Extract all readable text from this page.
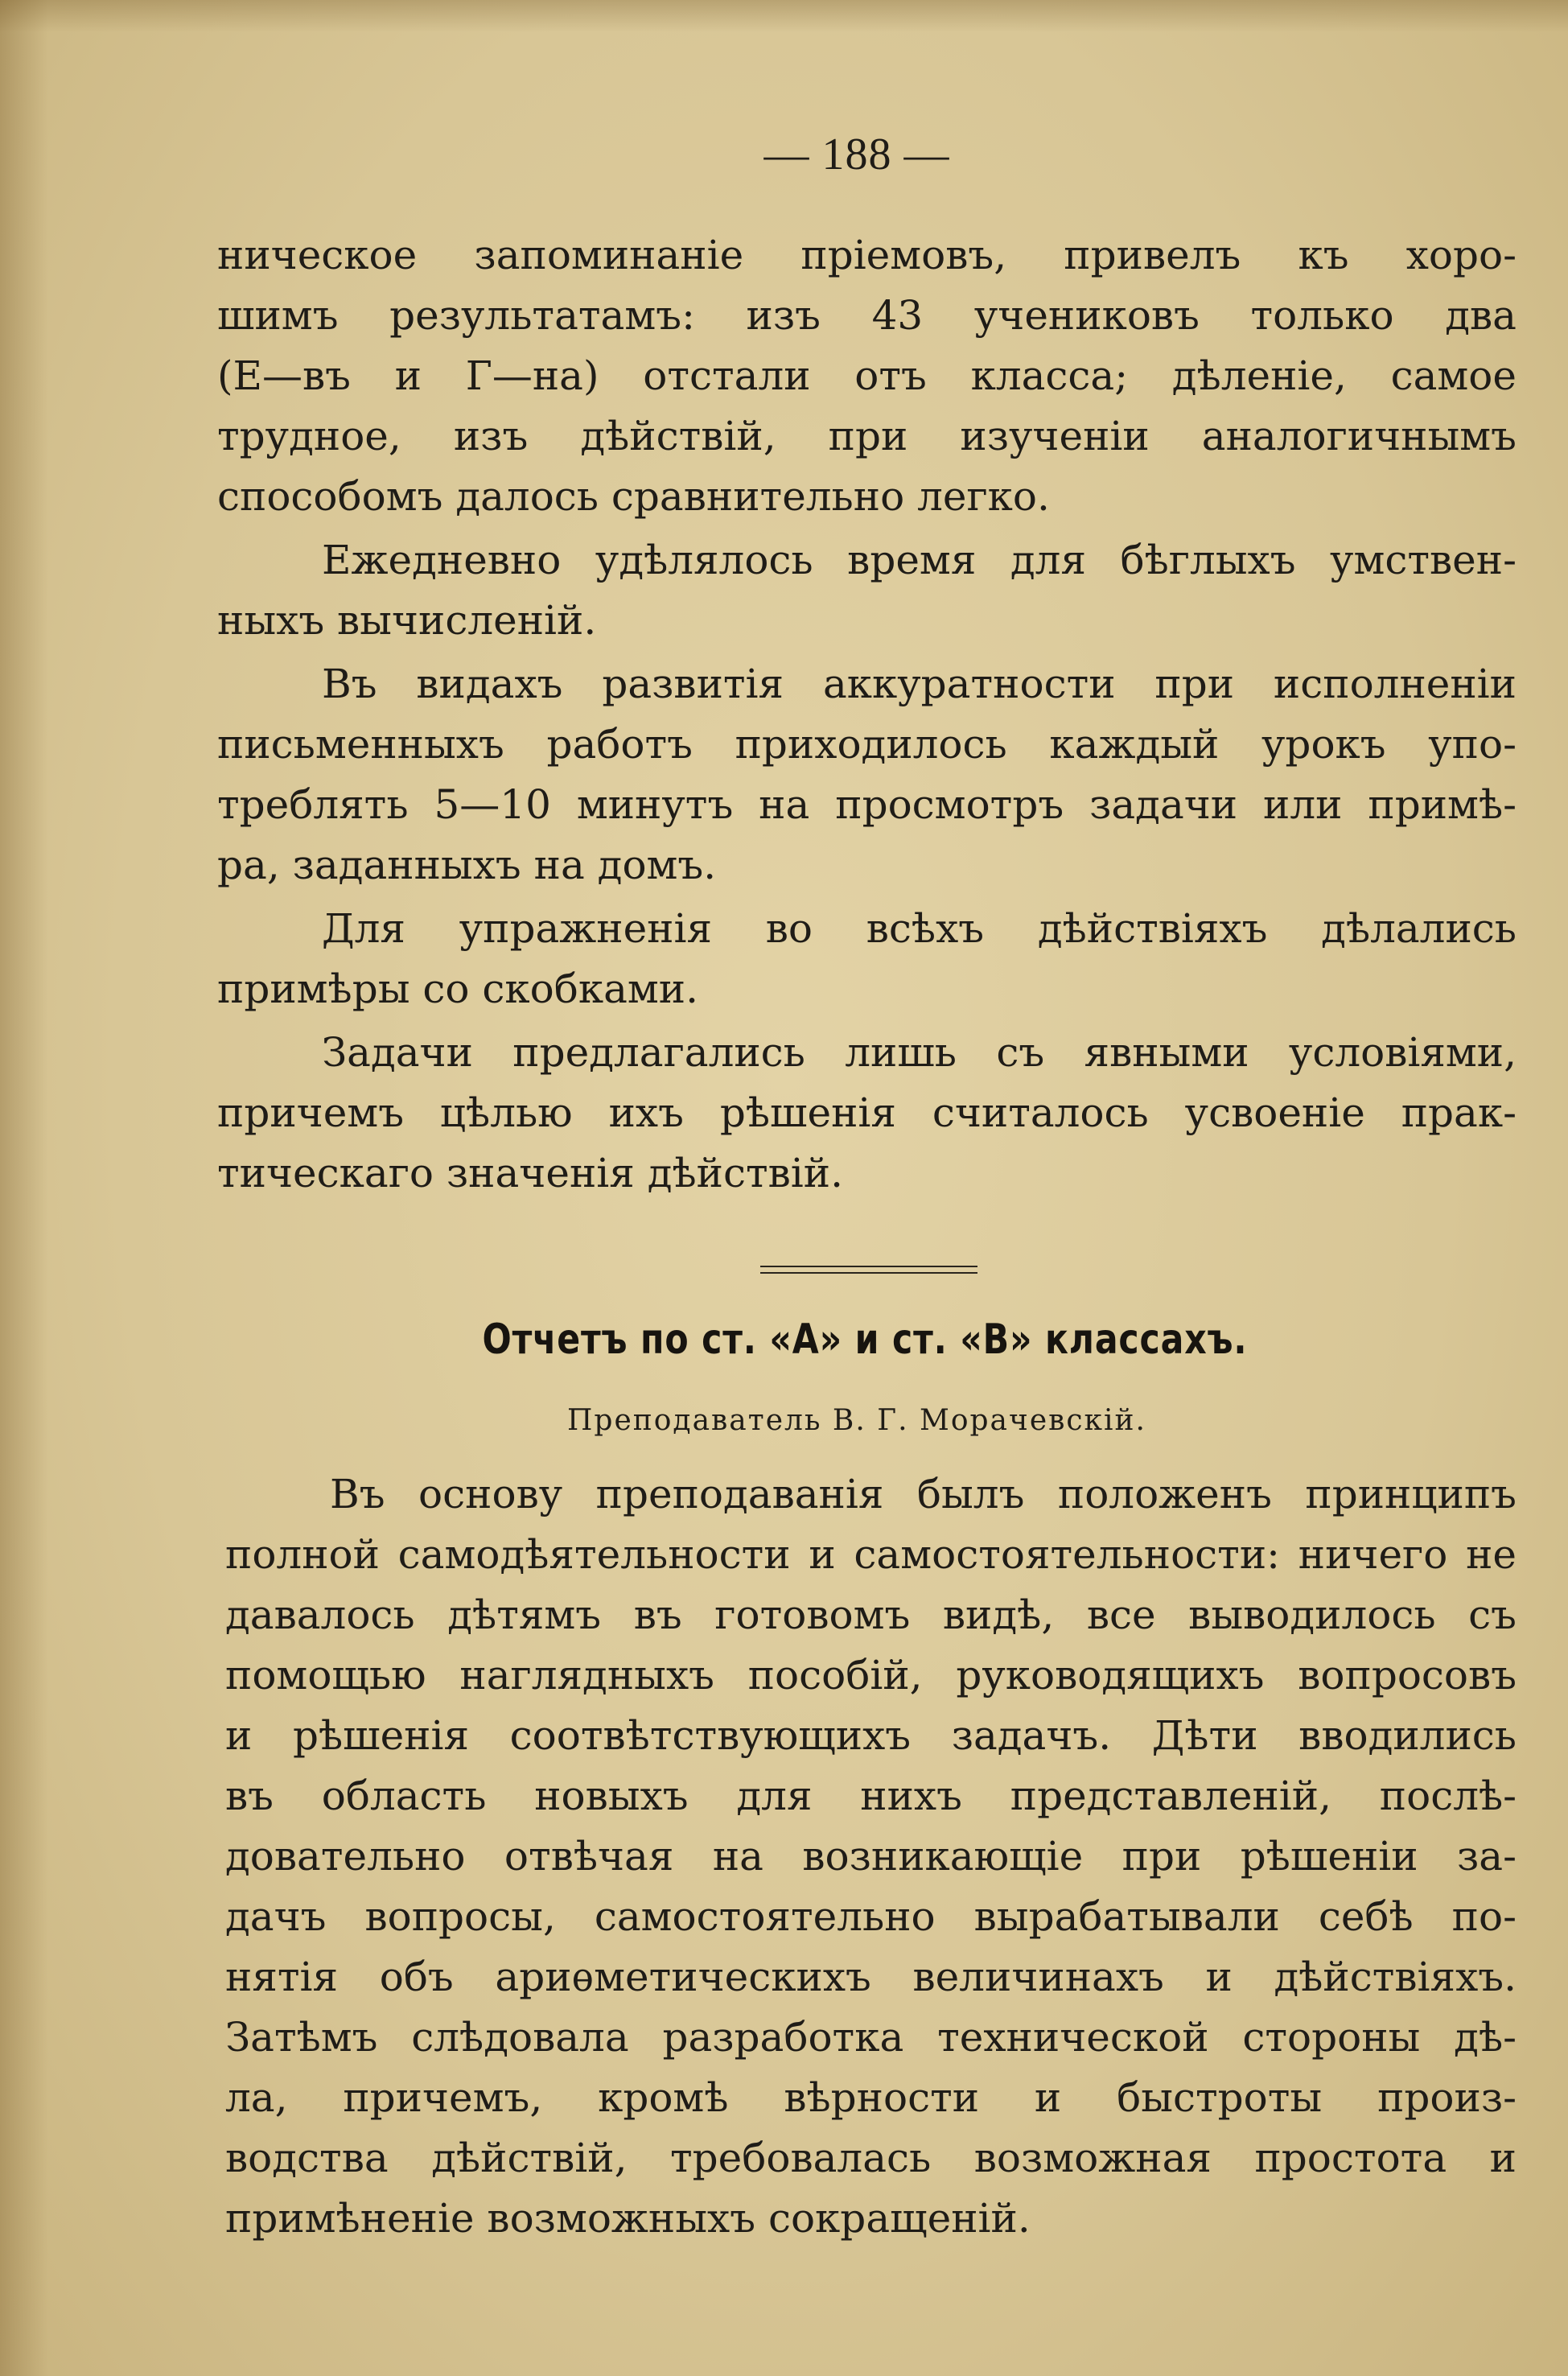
— 188 —
ническое запоминаніе пріемовъ, привелъ къ хоро-
шимъ результатамъ: изъ 43 учениковъ только два
(Е—въ и Г—на) отстали отъ класса; дѣленіе, самое
трудное, изъ дѣйствій, при изученіи аналогичнымъ
способомъ далось сравнительно легко.
Ежедневно удѣлялось время для бѣглыхъ умствен-
ныхъ вычисленій.
Въ видахъ развитія аккуратности при исполненіи
письменныхъ работъ приходилось каждый урокъ упо-
треблять 5—10 минутъ на просмотръ задачи или примѣ-
ра, заданныхъ на домъ.
Для упражненія во всѣхъ дѣйствіяхъ дѣлались
примѣры со скобками.
Задачи предлагались лишь съ явными условіями,
причемъ цѣлью ихъ рѣшенія считалось усвоеніе прак-
тическаго значенія дѣйствій.
Отчетъ по ст. «А» и ст. «В» классахъ.
Преподаватель В. Г. Морачевскій.
Въ основу преподаванія былъ положенъ принципъ
полной самодѣятельности и самостоятельности: ничего не
давалось дѣтямъ въ готовомъ видѣ, все выводилось съ
помощью наглядныхъ пособій, руководящихъ вопросовъ
и рѣшенія соотвѣтствующихъ задачъ. Дѣти вводились
въ область новыхъ для нихъ представленій, послѣ-
довательно отвѣчая на возникающіе при рѣшеніи за-
дачъ вопросы, самостоятельно вырабатывали себѣ по-
нятія объ ариѳметическихъ величинахъ и дѣйствіяхъ.
Затѣмъ слѣдовала разработка технической стороны дѣ-
ла, причемъ, кромѣ вѣрности и быстроты произ-
водства дѣйствій, требовалась возможная простота и
примѣненіе возможныхъ сокращеній.
